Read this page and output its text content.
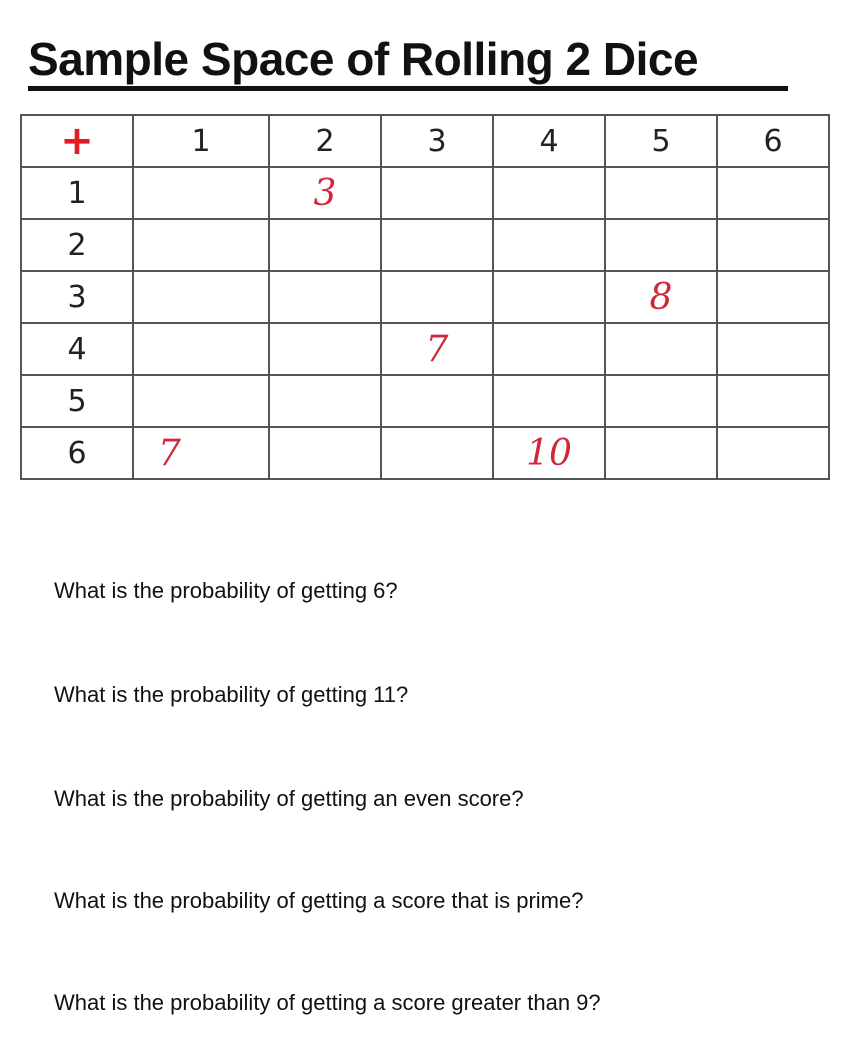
Sample Space of Rolling 2 Dice
+	1	2	3	4	5	6
1		3				
2						
3					8	
4			7			
5						
6	7			10		

What is the probability of getting 6?

What is the probability of getting 11?

What is the probability of getting an even score?

What is the probability of getting a score that is prime?

What is the probability of getting a score greater than 9?
